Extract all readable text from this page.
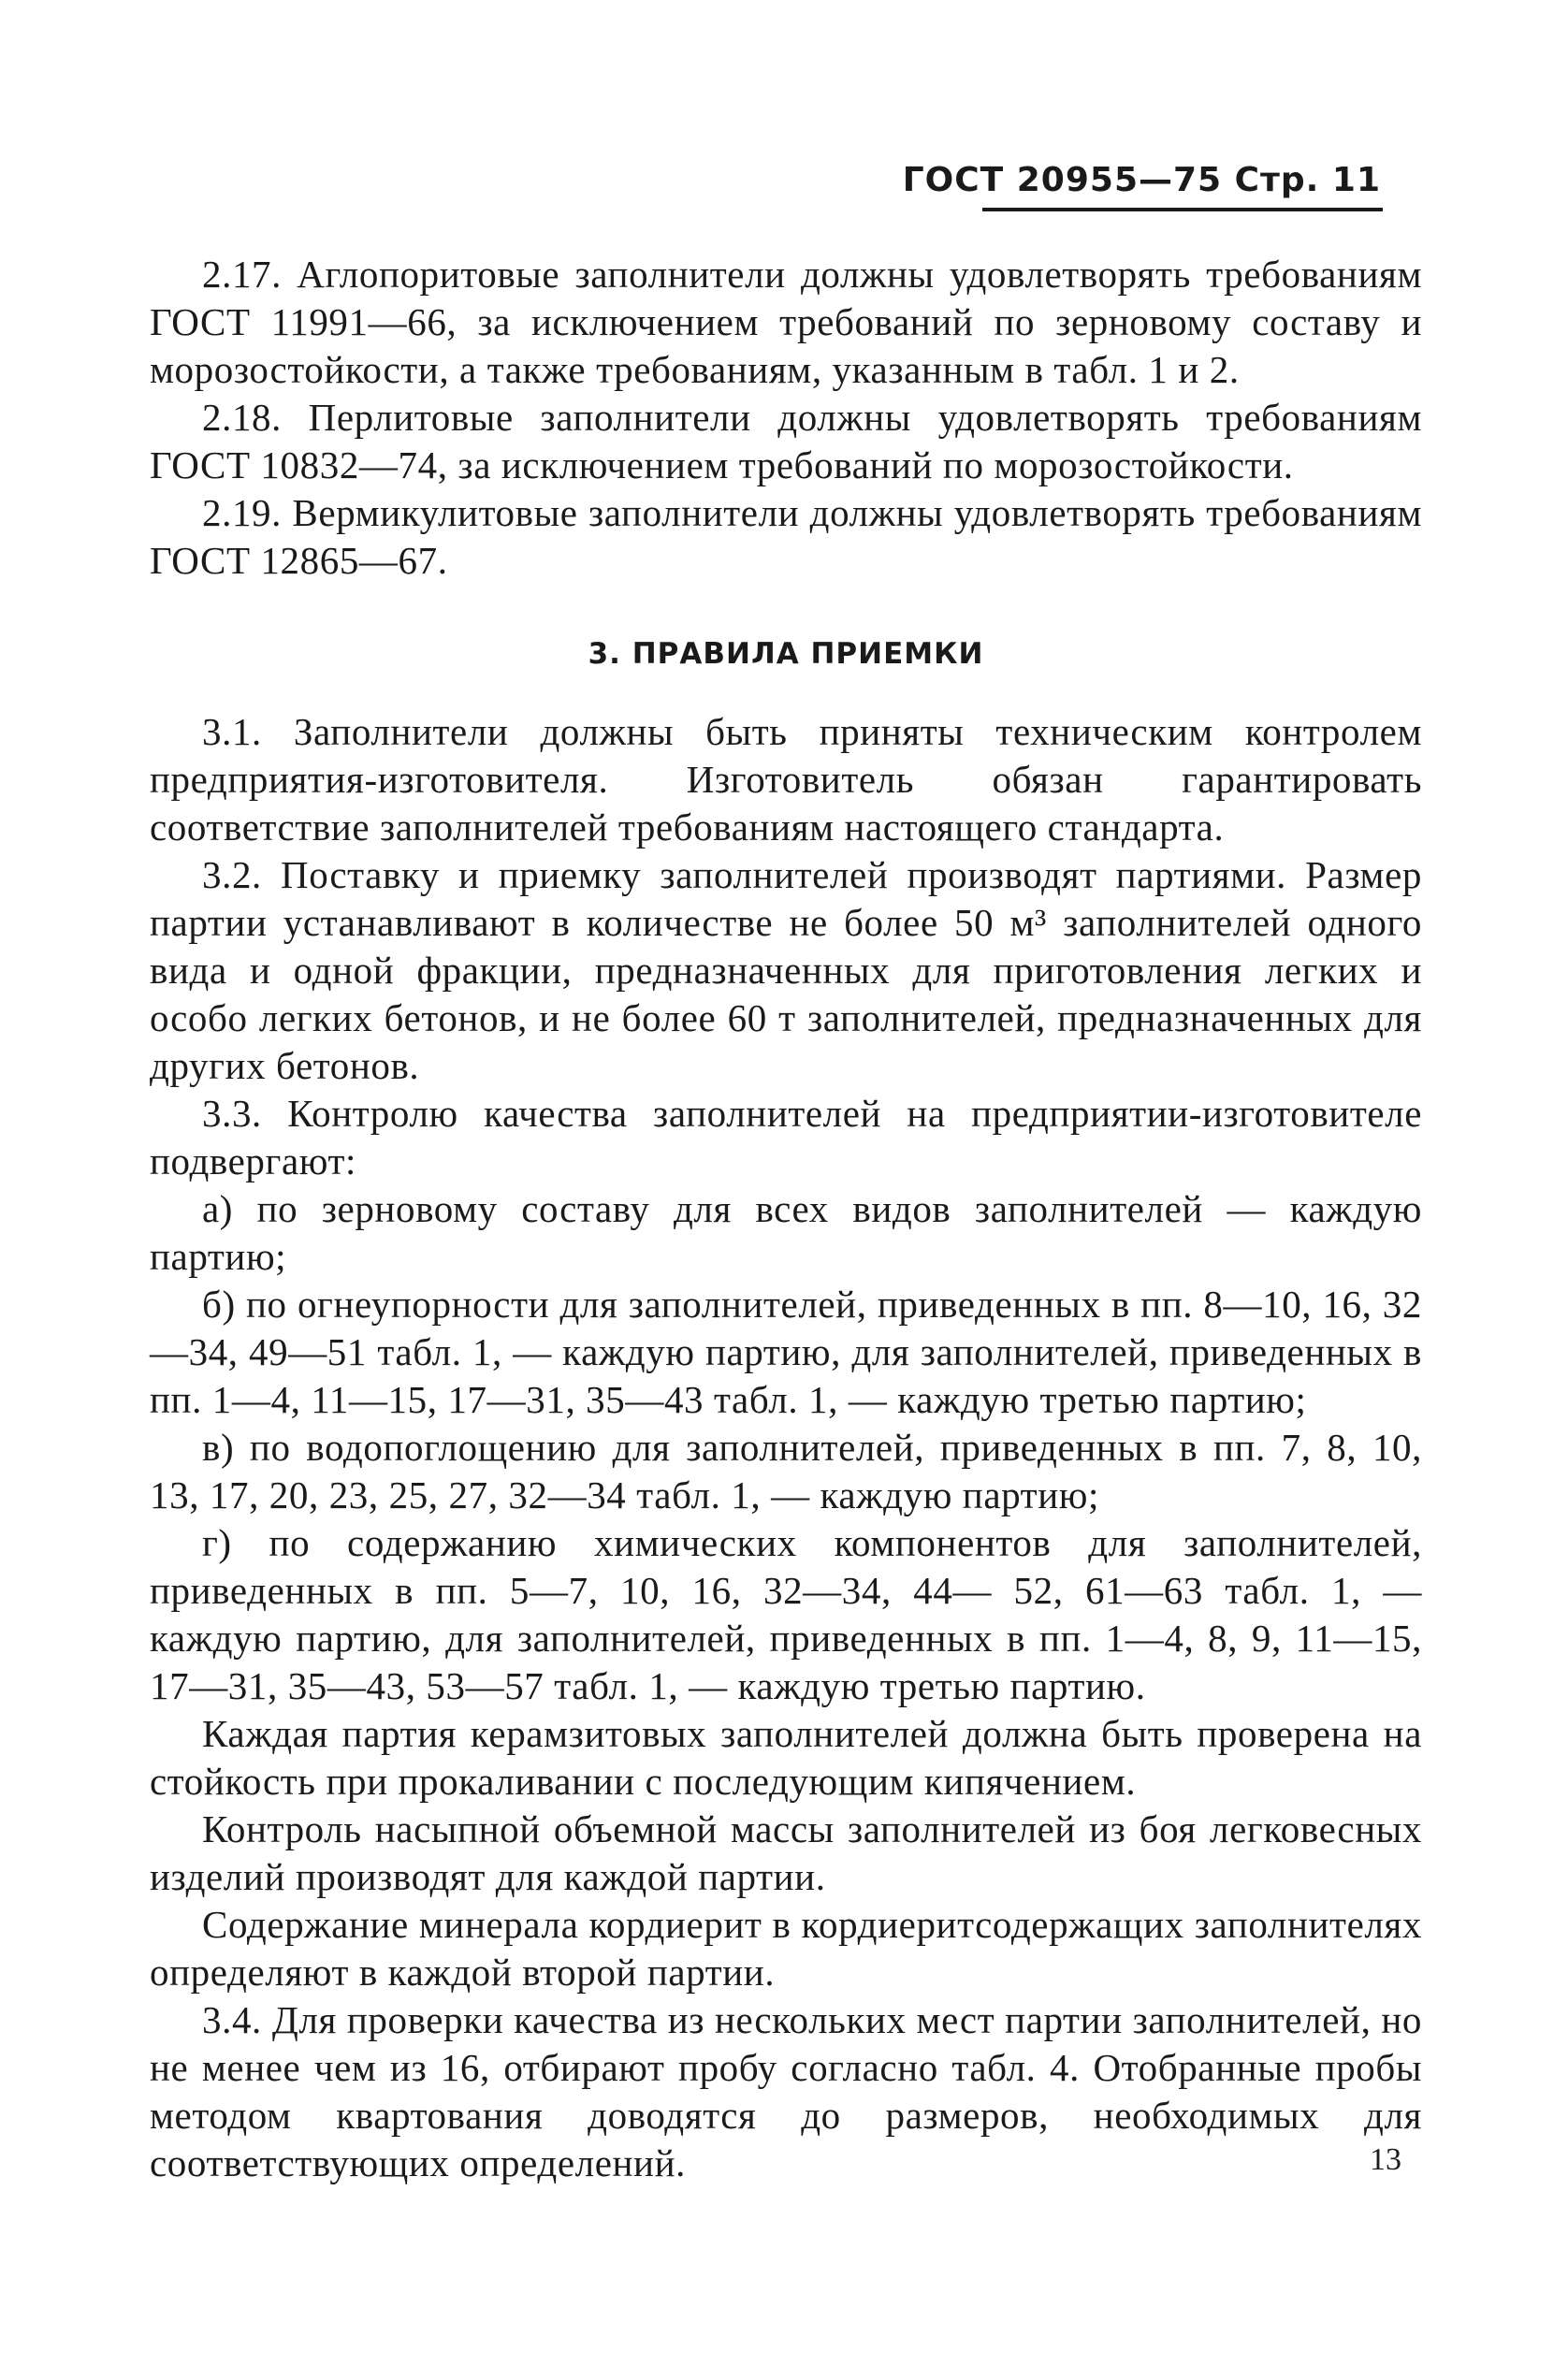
ГОСТ 20955—75 Стр. 11

2.17. Аглопоритовые заполнители должны удовлетворять требованиям ГОСТ 11991—66, за исключением требований по зерновому составу и морозостойкости, а также требованиям, указанным в табл. 1 и 2.

2.18. Перлитовые заполнители должны удовлетворять требованиям ГОСТ 10832—74, за исключением требований по морозостойкости.

2.19. Вермикулитовые заполнители должны удовлетворять требованиям ГОСТ 12865—67.

3. ПРАВИЛА ПРИЕМКИ

3.1. Заполнители должны быть приняты техническим контролем предприятия-изготовителя. Изготовитель обязан гарантировать соответствие заполнителей требованиям настоящего стандарта.

3.2. Поставку и приемку заполнителей производят партиями. Размер партии устанавливают в количестве не более 50 м³ заполнителей одного вида и одной фракции, предназначенных для приготовления легких и особо легких бетонов, и не более 60 т заполнителей, предназначенных для других бетонов.

3.3. Контролю качества заполнителей на предприятии-изготовителе подвергают:

а) по зерновому составу для всех видов заполнителей — каждую партию;

б) по огнеупорности для заполнителей, приведенных в пп. 8—10, 16, 32—34, 49—51 табл. 1, — каждую партию, для заполнителей, приведенных в пп. 1—4, 11—15, 17—31, 35—43 табл. 1, — каждую третью партию;

в) по водопоглощению для заполнителей, приведенных в пп. 7, 8, 10, 13, 17, 20, 23, 25, 27, 32—34 табл. 1, — каждую партию;

г) по содержанию химических компонентов для заполнителей, приведенных в пп. 5—7, 10, 16, 32—34, 44— 52, 61—63 табл. 1, — каждую партию, для заполнителей, приведенных в пп. 1—4, 8, 9, 11—15, 17—31, 35—43, 53—57 табл. 1, — каждую третью партию.

Каждая партия керамзитовых заполнителей должна быть проверена на стойкость при прокаливании с последующим кипячением.

Контроль насыпной объемной массы заполнителей из боя легковесных изделий производят для каждой партии.

Содержание минерала кордиерит в кордиеритсодержащих заполнителях определяют в каждой второй партии.

3.4. Для проверки качества из нескольких мест партии заполнителей, но не менее чем из 16, отбирают пробу согласно табл. 4. Отобранные пробы методом квартования доводятся до размеров, необходимых для соответствующих определений.	13
